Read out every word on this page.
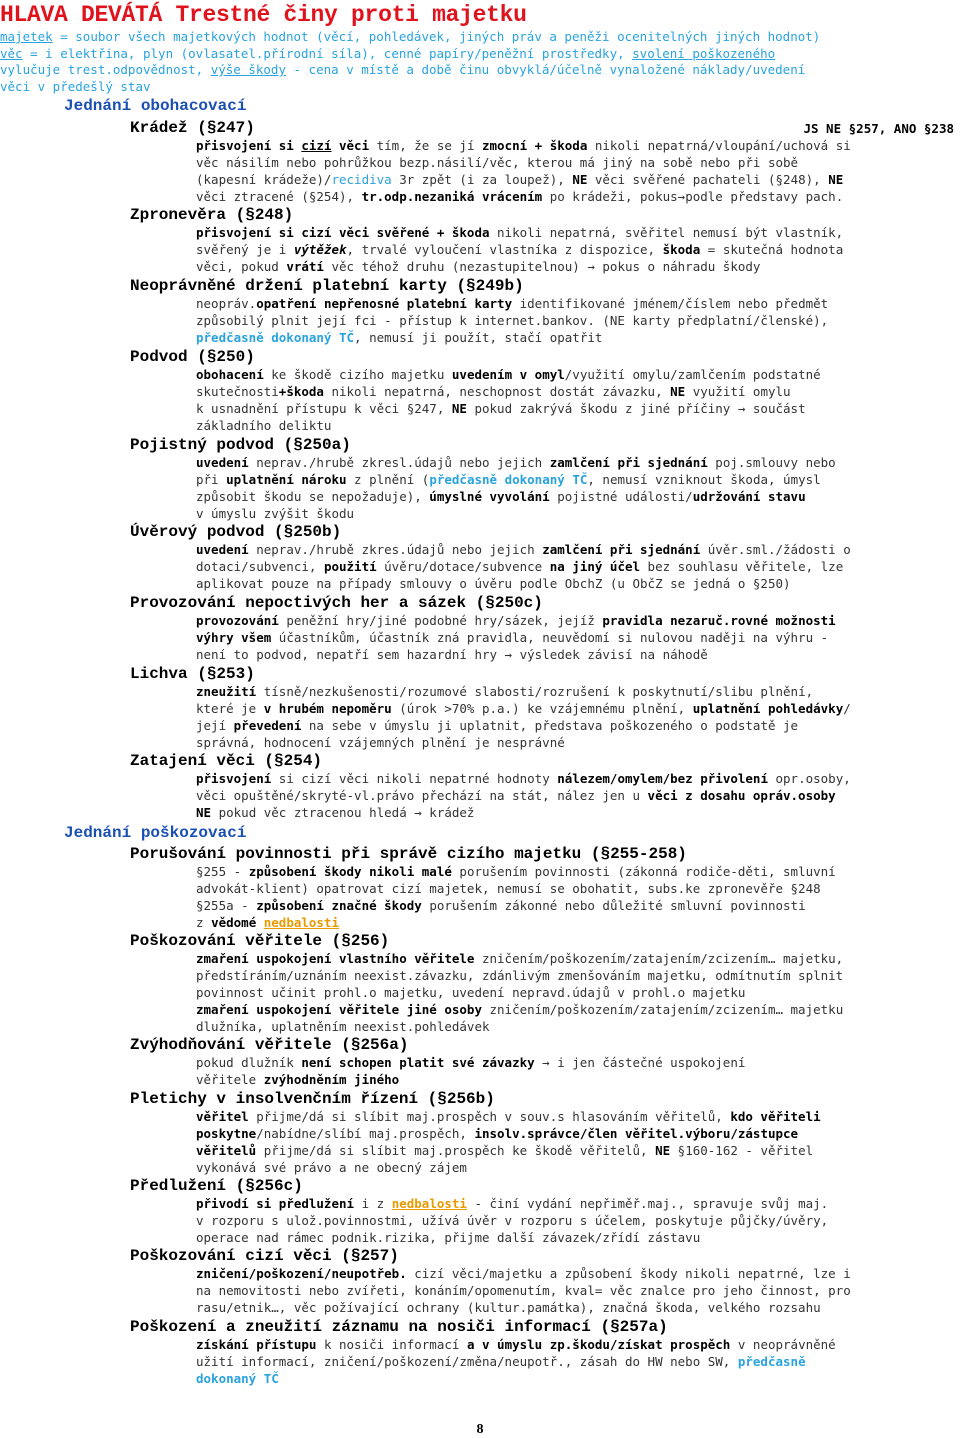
HLAVA DEVÁTÁ Trestné činy proti majetku
majetek = soubor všech majetkových hodnot (věcí, pohledávek, jiných práv a peněži ocenitelných jiných hodnot)
věc = i elektřina, plyn (ovlasatel.přírodní síla), cenné papíry/peněžní prostředky, svolení poškozeného
vylučuje trest.odpovědnost, výše škody - cena v místě a době činu obvyklá/účelně vynaložené náklady/uvedení
věci v předešlý stav
Jednání obohacovací
Krádež (§247)	JS NE §257, ANO §238
přisvojení si cizí věci tím, že se jí zmocní + škoda nikoli nepatrná/vloupání/uchová si
věc násilím nebo pohrůžkou bezp.násilí/věc, kterou má jiný na sobě nebo při sobě
(kapesní krádeže)/recidiva 3r zpět (i za loupež), NE věci svěřené pachateli (§248), NE
věci ztracené (§254), tr.odp.nezaniká vrácením po krádeži, pokus→podle představy pach.
Zpronevěra (§248)
přisvojení si cizí věci svěřené + škoda nikoli nepatrná, svěřitel nemusí být vlastník,
svěřený je i výtěžek, trvalé vyloučení vlastníka z dispozice, škoda = skutečná hodnota
věci, pokud vrátí věc téhož druhu (nezastupitelnou) → pokus o náhradu škody
Neoprávněné držení platební karty (§249b)
neopráv.opatření nepřenosné platební karty identifikované jménem/číslem nebo předmět
způsobilý plnit její fci - přístup k internet.bankov. (NE karty předplatní/členské),
předčasně dokonaný TČ, nemusí ji použít, stačí opatřit
Podvod (§250)
obohacení ke škodě cizího majetku uvedením v omyl/využití omylu/zamlčením podstatné
skutečnosti+škoda nikoli nepatrná, neschopnost dostát závazku, NE využití omylu
k usnadnění přístupu k věci §247, NE pokud zakrývá škodu z jiné příčiny → součást
základního deliktu
Pojistný podvod (§250a)
uvedení neprav./hrubě zkresl.údajů nebo jejich zamlčení při sjednání poj.smlouvy nebo
při uplatnění nároku z plnění (předčasně dokonaný TČ, nemusí vzniknout škoda, úmysl
způsobit škodu se nepožaduje), úmyslné vyvolání pojistné události/udržování stavu
v úmyslu zvýšit škodu
Úvěrový podvod (§250b)
uvedení neprav./hrubě zkres.údajů nebo jejich zamlčení při sjednání úvěr.sml./žádosti o
dotaci/subvenci, použití úvěru/dotace/subvence na jiný účel bez souhlasu věřitele, lze
aplikovat pouze na případy smlouvy o úvěru podle ObchZ (u ObčZ se jedná o §250)
Provozování nepoctivých her a sázek (§250c)
provozování peněžní hry/jiné podobné hry/sázek, jejíž pravidla nezaruč.rovné možnosti
výhry všem účastníkům, účastník zná pravidla, neuvědomí si nulovou naději na výhru -
není to podvod, nepatří sem hazardní hry → výsledek závisí na náhodě
Lichva (§253)
zneužití tísně/nezkušenosti/rozumové slabosti/rozrušení k poskytnutí/slibu plnění,
které je v hrubém nepoměru (úrok >70% p.a.) ke vzájemnému plnění, uplatnění pohledávky/
její převedení na sebe v úmyslu ji uplatnit, představa poškozeného o podstatě je
správná, hodnocení vzájemných plnění je nesprávné
Zatajení věci (§254)
přisvojení si cizí věci nikoli nepatrné hodnoty nálezem/omylem/bez přivolení opr.osoby,
věci opuštěné/skryté-vl.právo přechází na stát, nález jen u věci z dosahu opráv.osoby
NE pokud věc ztracenou hledá → krádež
Jednání poškozovací
Porušování povinnosti při správě cizího majetku (§255-258)
§255 - způsobení škody nikoli malé porušením povinnosti (zákonná rodiče-děti, smluvní
advokát-klient) opatrovat cizí majetek, nemusí se obohatit, subs.ke zpronevěře §248
§255a - způsobení značné škody porušením zákonné nebo důležité smluvní povinnosti
z vědomé nedbalosti
Poškozování věřitele (§256)
zmaření uspokojení vlastního věřitele zničením/poškozením/zatajením/zcizením… majetku,
předstíráním/uznáním neexist.závazku, zdánlivým zmenšováním majetku, odmítnutím splnit
povinnost učinit prohl.o majetku, uvedení nepravd.údajů v prohl.o majetku
zmaření uspokojení věřitele jiné osoby zničením/poškozením/zatajením/zcizením… majetku
dlužníka, uplatněním neexist.pohledávek
Zvýhodňování věřitele (§256a)
pokud dlužník není schopen platit své závazky → i jen částečné uspokojení
věřitele zvýhodněním jiného
Pletichy v insolvenčním řízení (§256b)
věřitel přijme/dá si slíbit maj.prospěch v souv.s hlasováním věřitelů, kdo věřiteli
poskytne/nabídne/slíbí maj.prospěch, insolv.správce/člen věřitel.výboru/zástupce
věřitelů přijme/dá si slíbit maj.prospěch ke škodě věřitelů, NE §160-162 - věřitel
vykonává své právo a ne obecný zájem
Předlužení (§256c)
přivodí si předlužení i z nedbalosti - činí vydání nepřiměř.maj., spravuje svůj maj.
v rozporu s ulož.povinnostmi, užívá úvěr v rozporu s účelem, poskytuje půjčky/úvěry,
operace nad rámec podnik.rizika, přijme další závazek/zřídí zástavu
Poškozování cizí věci (§257)
zničení/poškození/neupotřeb. cizí věci/majetku a způsobení škody nikoli nepatrné, lze i
na nemovitosti nebo zvířeti, konáním/opomenutím, kval= věc znalce pro jeho činnost, pro
rasu/etnik…, věc požívající ochrany (kultur.památka), značná škoda, velkého rozsahu
Poškození a zneužití záznamu na nosiči informací (§257a)
získání přístupu k nosiči informací a v úmyslu zp.škodu/získat prospěch v neoprávněné
užití informací, zničení/poškození/změna/neupotř., zásah do HW nebo SW, předčasně
dokonaný TČ
8
